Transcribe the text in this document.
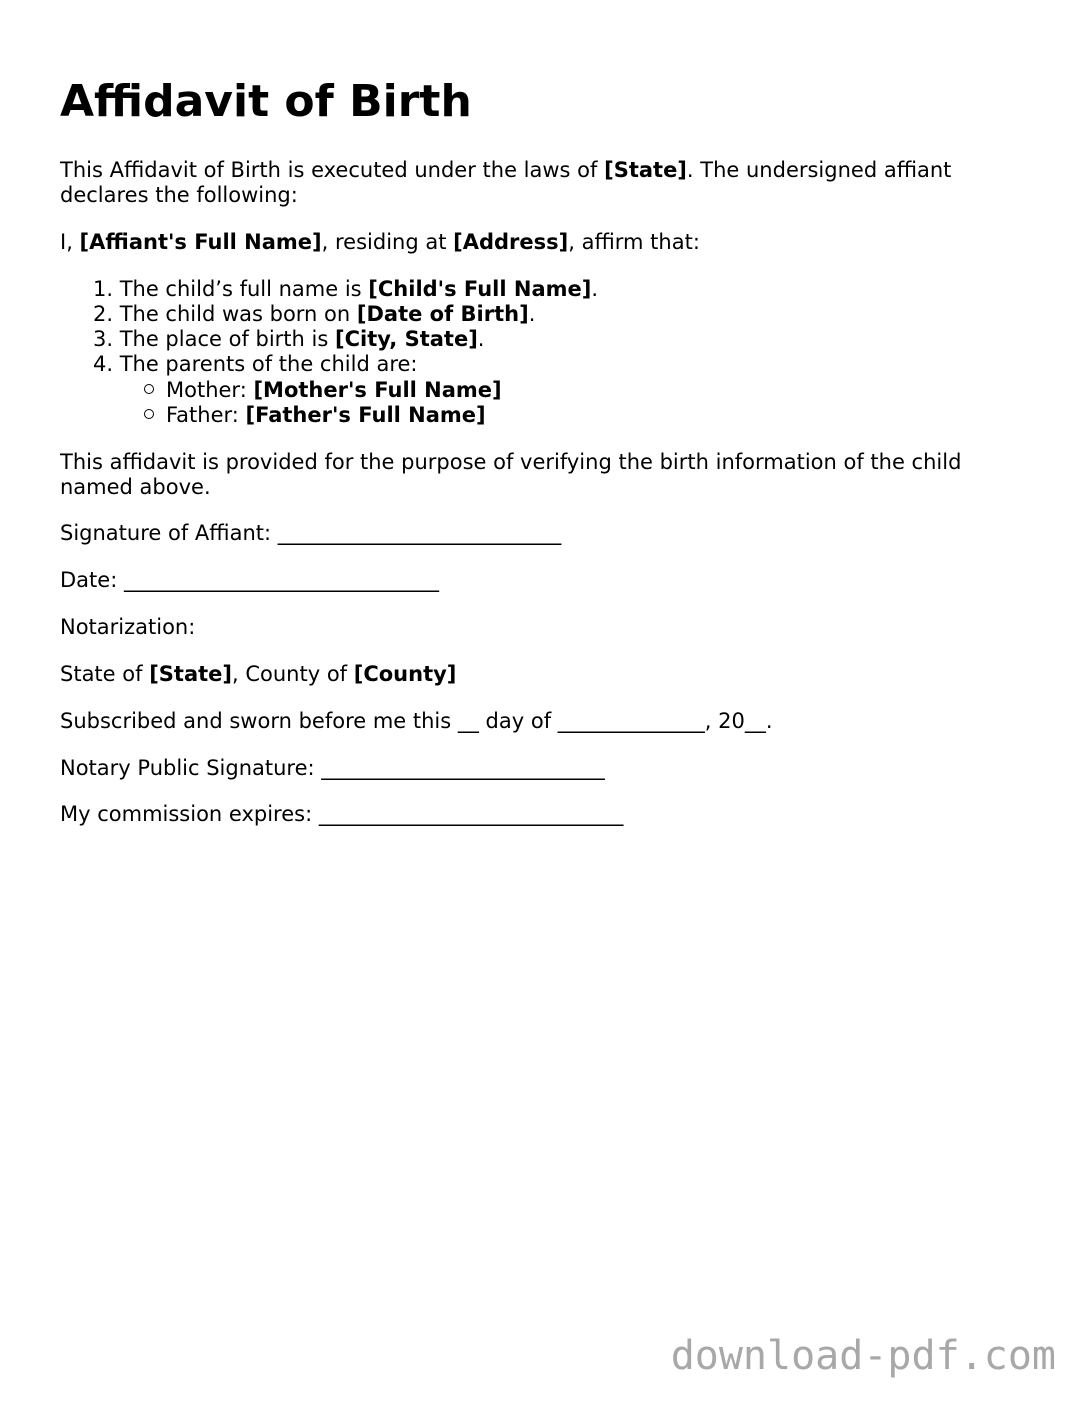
Affidavit of Birth
This Affidavit of Birth is executed under the laws of [State]. The undersigned affiant
declares the following:
I, [Affiant's Full Name], residing at [Address], affirm that:
1. The child’s full name is [Child's Full Name].
2. The child was born on [Date of Birth].
3. The place of birth is [City, State].
4. The parents of the child are:
Mother: [Mother's Full Name]
Father: [Father's Full Name]
This affidavit is provided for the purpose of verifying the birth information of the child
named above.
Signature of Affiant: ___________________________
Date: ______________________________
Notarization:
State of [State], County of [County]
Subscribed and sworn before me this __ day of ______________, 20__.
Notary Public Signature: ___________________________
My commission expires: _____________________________
download-pdf.com
